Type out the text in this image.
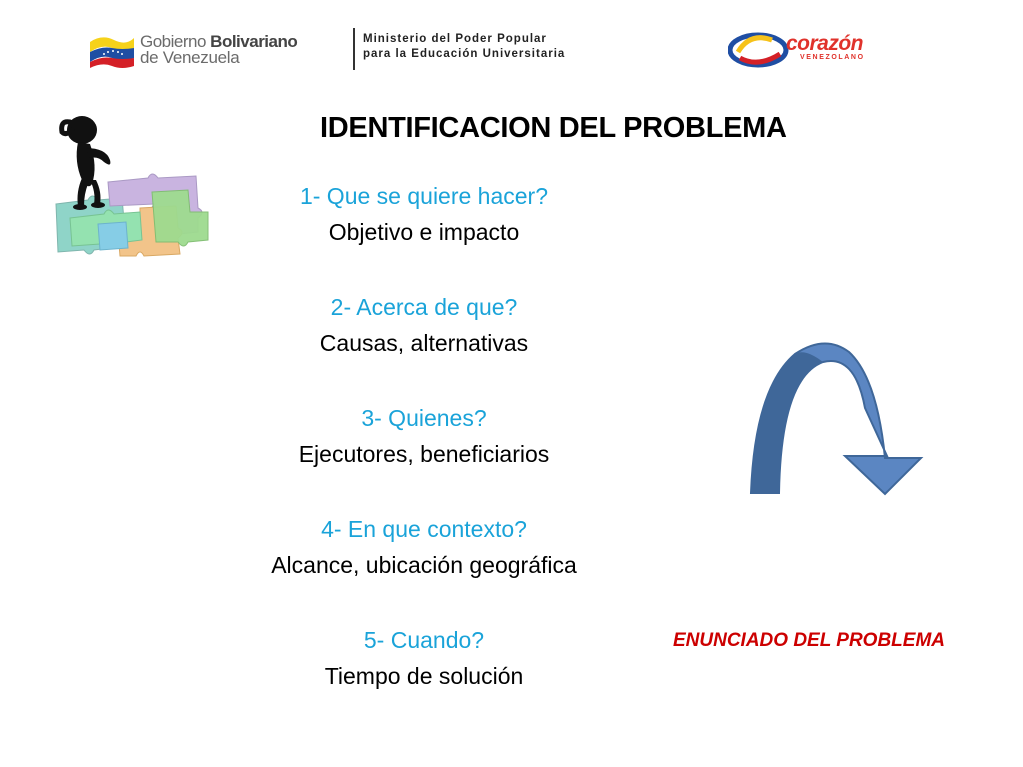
Gobierno Bolivariano
de Venezuela
Ministerio del Poder Popular
para la Educación Universitaria	corazón
VENEZOLANO
IDENTIFICACION DEL PROBLEMA
1- Que se quiere hacer?
Objetivo e impacto
2- Acerca de que?
Causas, alternativas
3- Quienes?
Ejecutores, beneficiarios
4- En que contexto?
Alcance, ubicación geográfica
5- Cuando?
Tiempo de solución
ENUNCIADO DEL PROBLEMA
